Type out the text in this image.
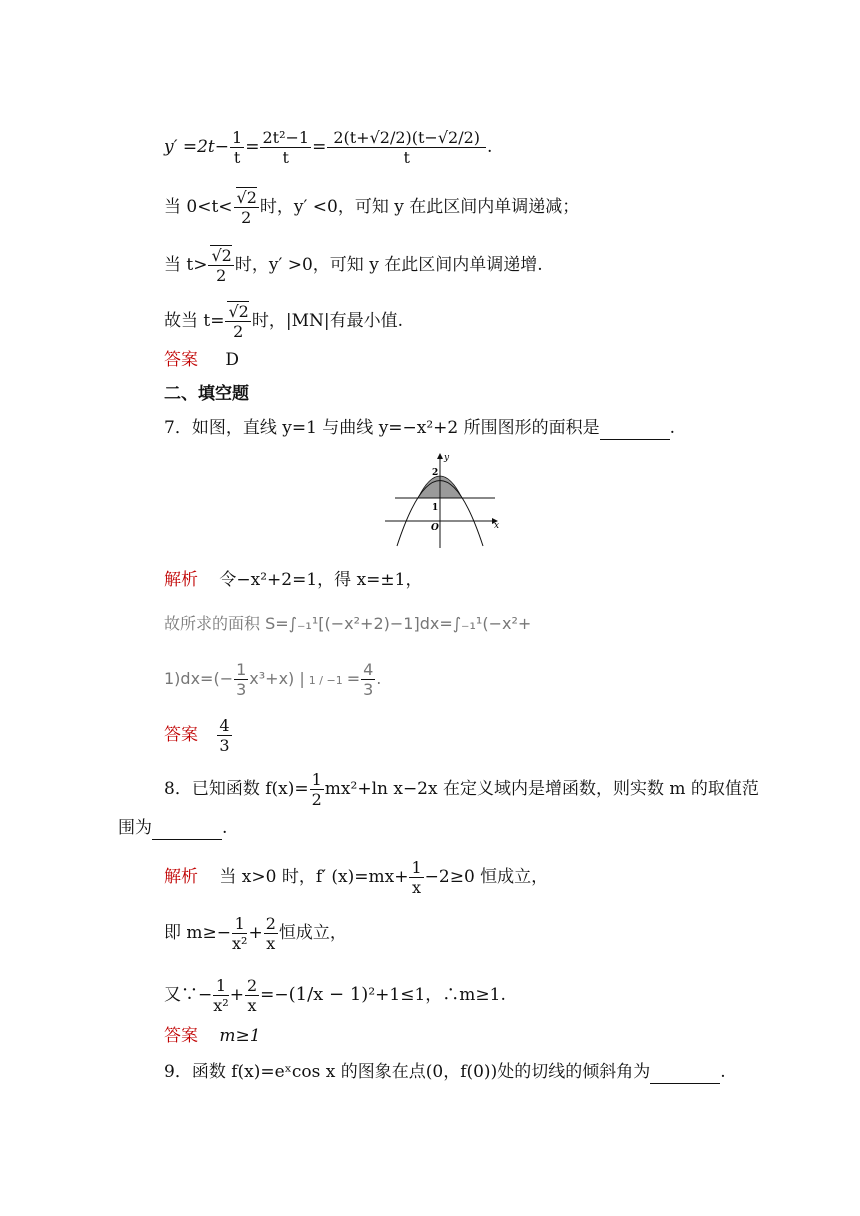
$y' =2t- \frac{1}{t} = \frac{\text{2t²−1}}{t} = \frac{2(t+√2/2)(t-√2/2)}{t}$ .
当 $0<t< \frac{√2}{2}$ 时，y′ <0，可知 y 在此区间内单调递减；
当 $t> \frac{√2}{2}$ 时，y′ >0，可知 y 在此区间内单调递增.
故当 $t= \frac{√2}{2}$ 时，|MN|有最小值.
答案 D
二、填空题
7．如图，直线 y=1 与曲线 y=−x²+2 所围图形的面积是	.
y
x
2
1
O
解析 令−x²+2=1，得 x=±1，
故所求的面积 S=∫₋₁¹[(−x²+2)−1]dx=∫₋₁¹(−x²+
$1)dx=(- \frac{1}{3} x^3+x)$ | $1 / -1 = \frac{4}{3}$ .
答案 $\frac{4}{3}$
8．已知函数 $f(x)= \frac{1}{2} mx^2+\ln$ x−2x 在定义域内是增函数，则实数 m 的取值范
围为	.
解析 当 x>0 时，f′ $(x)=mx+ \frac{1}{x} -2\ge 0$ 恒成立，
即 $m\ge- \frac{1}{\text{x²}} + \frac{2}{x}$ 恒成立，
又∵− $\frac{1}{\text{x²}} + \frac{2}{x} =-(1/x - 1)^2+1\le 1$，∴m≥1.
答案 m≥1
9．函数 f(x)=eˣcos x 的图象在点(0，f(0))处的切线的倾斜角为	.
